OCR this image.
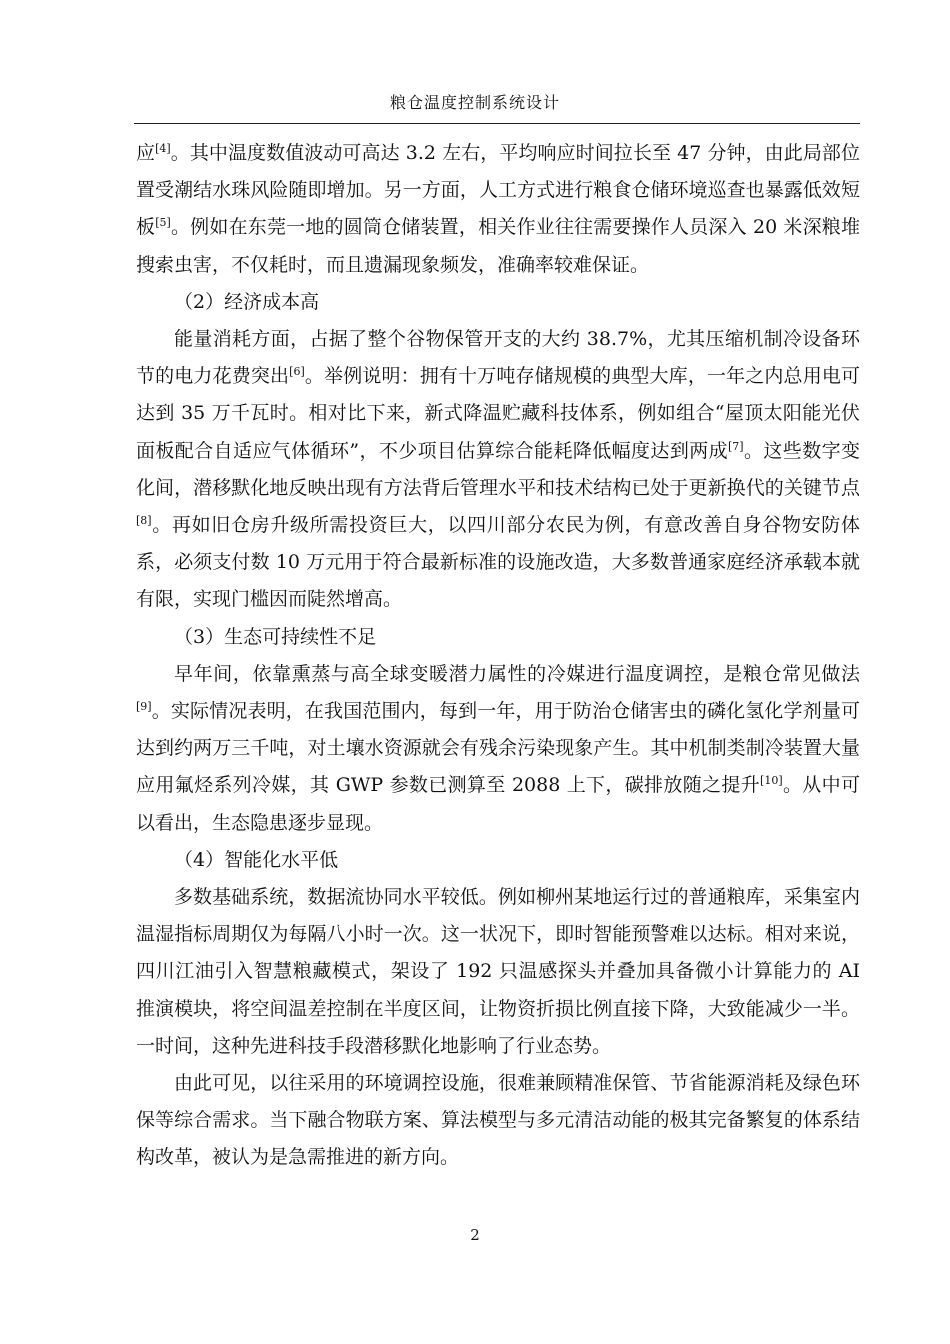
粮仓温度控制系统设计

应[4]。其中温度数值波动可高达 3.2 左右，平均响应时间拉长至 47 分钟，由此局部位置受潮结水珠风险随即增加。另一方面，人工方式进行粮食仓储环境巡查也暴露低效短板[5]。例如在东莞一地的圆筒仓储装置，相关作业往往需要操作人员深入 20 米深粮堆搜索虫害，不仅耗时，而且遗漏现象频发，准确率较难保证。

（2）经济成本高

能量消耗方面，占据了整个谷物保管开支的大约 38.7%，尤其压缩机制冷设备环节的电力花费突出[6]。举例说明：拥有十万吨存储规模的典型大库，一年之内总用电可达到 35 万千瓦时。相对比下来，新式降温贮藏科技体系，例如组合“屋顶太阳能光伏面板配合自适应气体循环”，不少项目估算综合能耗降低幅度达到两成[7]。这些数字变化间，潜移默化地反映出现有方法背后管理水平和技术结构已处于更新换代的关键节点[8]。再如旧仓房升级所需投资巨大，以四川部分农民为例，有意改善自身谷物安防体系，必须支付数 10 万元用于符合最新标准的设施改造，大多数普通家庭经济承载本就有限，实现门槛因而陡然增高。

（3）生态可持续性不足

早年间，依靠熏蒸与高全球变暖潜力属性的冷媒进行温度调控，是粮仓常见做法[9]。实际情况表明，在我国范围内，每到一年，用于防治仓储害虫的磷化氢化学剂量可达到约两万三千吨，对土壤水资源就会有残余污染现象产生。其中机制类制冷装置大量应用氟烃系列冷媒，其 GWP 参数已测算至 2088 上下，碳排放随之提升[10]。从中可以看出，生态隐患逐步显现。

（4）智能化水平低

多数基础系统，数据流协同水平较低。例如柳州某地运行过的普通粮库，采集室内温湿指标周期仅为每隔八小时一次。这一状况下，即时智能预警难以达标。相对来说，四川江油引入智慧粮藏模式，架设了 192 只温感探头并叠加具备微小计算能力的 AI 推演模块，将空间温差控制在半度区间，让物资折损比例直接下降，大致能减少一半。一时间，这种先进科技手段潜移默化地影响了行业态势。

由此可见，以往采用的环境调控设施，很难兼顾精准保管、节省能源消耗及绿色环保等综合需求。当下融合物联方案、算法模型与多元清洁动能的极其完备繁复的体系结构改革，被认为是急需推进的新方向。

2
